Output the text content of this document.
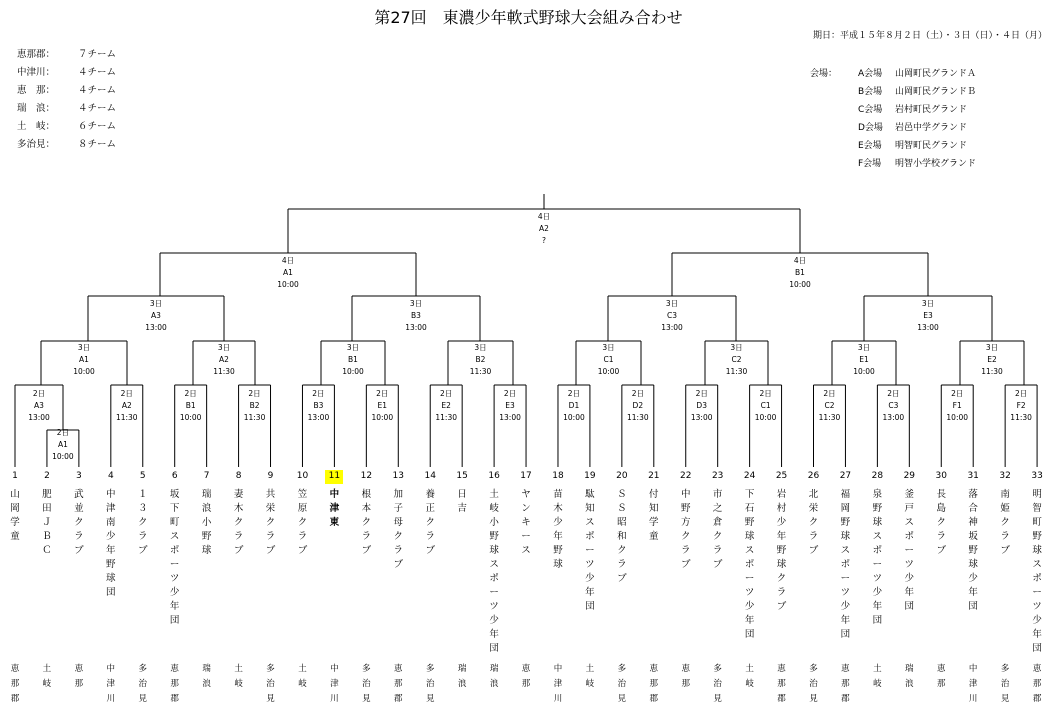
第27回　東濃少年軟式野球大会組み合わせ
期日：平成１５年８月２日（土）・３日（日）・４日（月）
恵那郡：	７チーム
中津川：	４チーム
恵　那：	４チーム
瑞　浪：	４チーム
土　岐：	６チーム
多治見：	８チーム
会場： A会場 山岡町民グランドＡ
B会場 山岡町民グランドＢ
C会場 岩村町民グランド
D会場 岩邑中学グランド
E会場 明智町民グランド
F会場 明智小学校グランド
2日
A3
13:00
2日
A1
10:00
2日
A2
11:30
2日
B1
10:00
2日
B2
11:30
2日
B3
13:00
2日
E1
10:00
2日
E2
11:30
2日
E3
13:00
2日
D1
10:00
2日
D2
11:30
2日
D3
13:00
2日
C1
10:00
2日
C2
11:30
2日
C3
13:00
2日
F1
10:00
2日
F2
11:30
3日
A1
10:00
3日
A2
11:30
3日
B1
10:00
3日
B2
11:30
3日
C1
10:00
3日
C2
11:30
3日
E1
10:00
3日
E2
11:30
3日
A3
13:00
3日
B3
13:00
3日
C3
13:00
3日
E3
13:00
4日
A1
10:00
4日
B1
10:00
4日
A2
?
1
山岡学童
恵那郡
2
肥田ＪＢＣ
土岐
3
武並クラブ
恵那
4
中津南少年野球団
中津川
5
１３クラブ
多治見
6
坂下町スポーツ少年団
恵那郡
7
瑞浪小野球
瑞浪
8
妻木クラブ
土岐
9
共栄クラブ
多治見
10
笠原クラブ
土岐
11
中津東
中津川
12
根本クラブ
多治見
13
加子母クラブ
恵那郡
14
養正クラブ
多治見
15
日吉
瑞浪
16
土岐小野球スポーツ少年団
瑞浪
17
ヤンキース
恵那
18
苗木少年野球
中津川
19
駄知スポーツ少年団
土岐
20
ＳＳ昭和クラブ
多治見
21
付知学童
恵那郡
22
中野方クラブ
恵那
23
市之倉クラブ
多治見
24
下石野球スポーツ少年団
土岐
25
岩村少年野球クラブ
恵那郡
26
北栄クラブ
多治見
27
福岡野球スポーツ少年団
恵那郡
28
泉野球スポーツ少年団
土岐
29
釜戸スポーツ少年団
瑞浪
30
長島クラブ
恵那
31
落合神坂野球少年団
中津川
32
南姫クラブ
多治見
33
明智町野球スポーツ少年団
恵那郡
